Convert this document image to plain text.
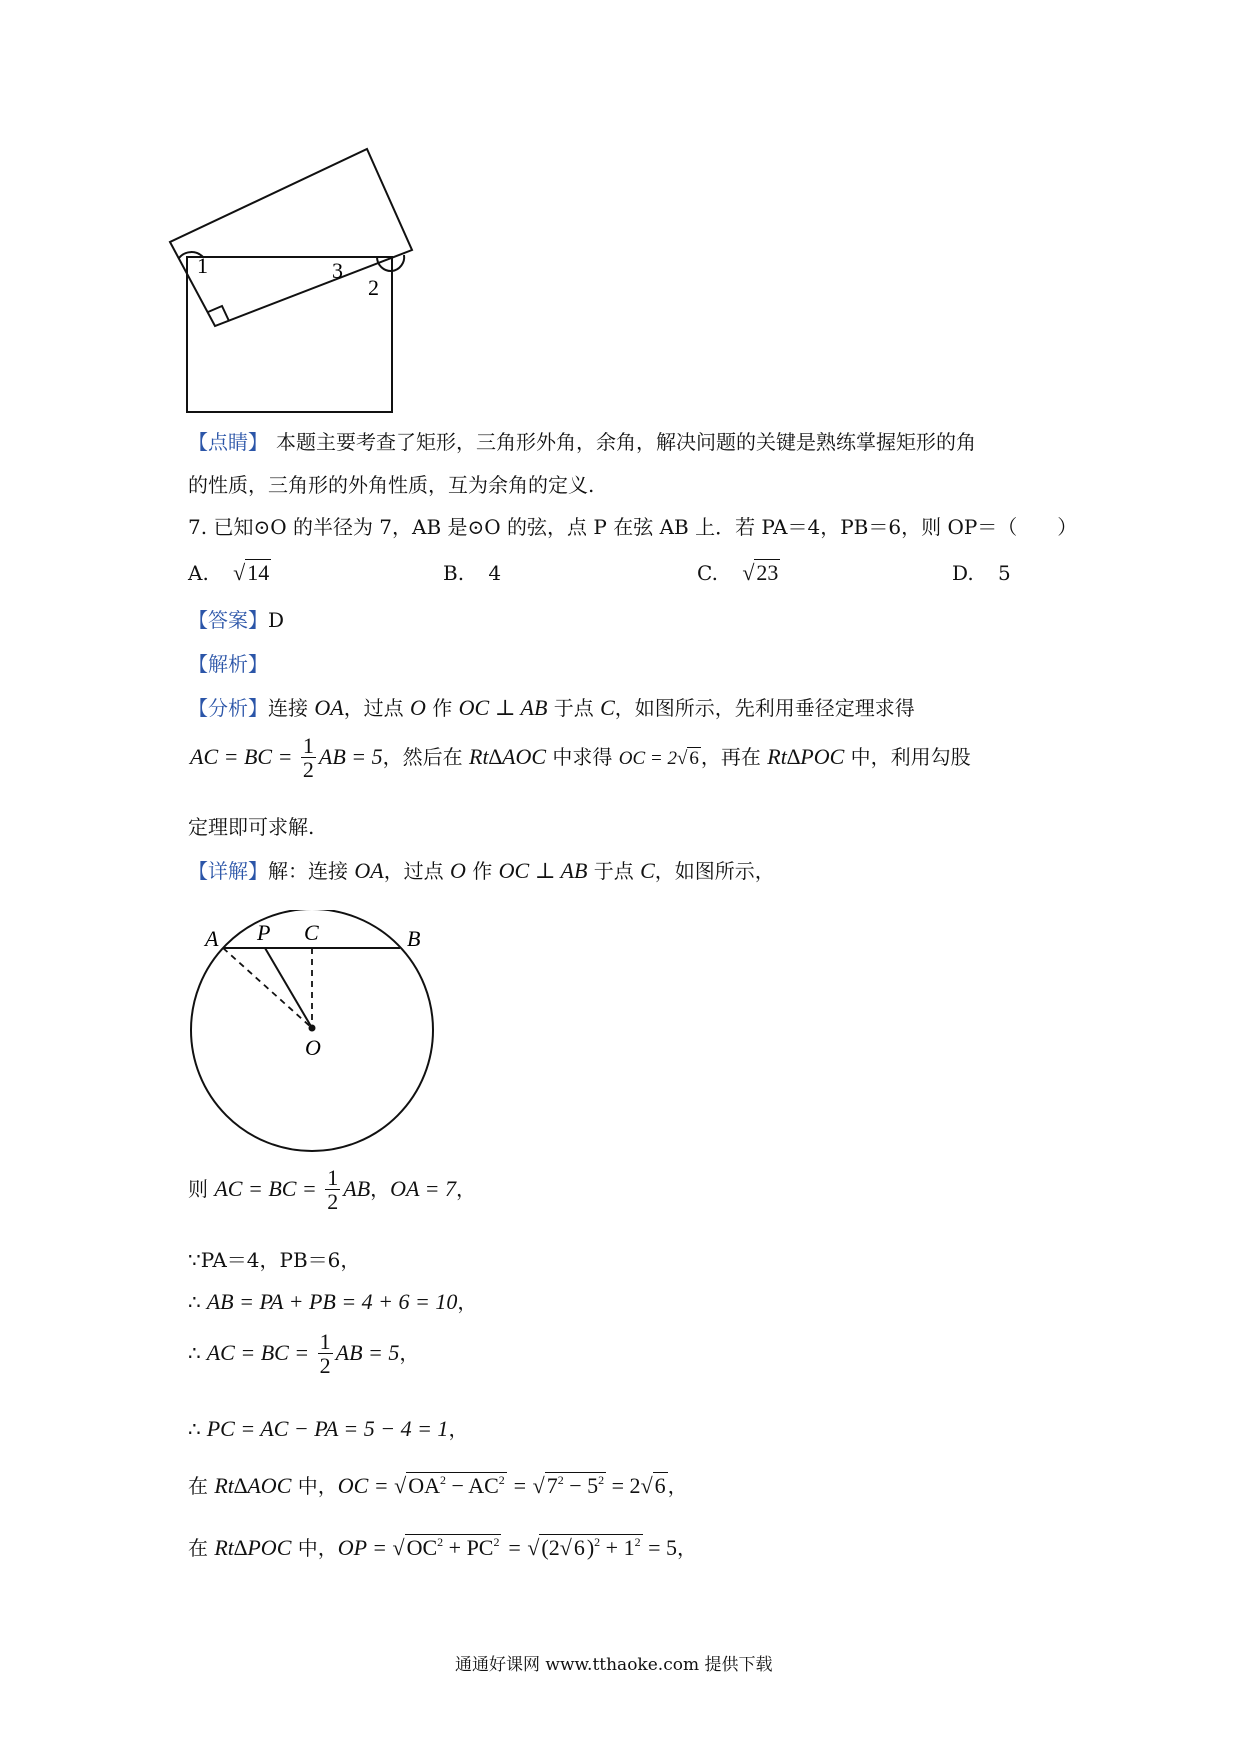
1	3
2
【点睛】 本题主要考查了矩形，三角形外角，余角，解决问题的关键是熟练掌握矩形的角
的性质，三角形的外角性质，互为余角的定义.
7. 已知⊙O 的半径为 7，AB 是⊙O 的弦，点 P 在弦 AB 上．若 PA＝4，PB＝6，则 OP＝（　　）
A. √14	B. 4	C. √23	D. 5
【答案】D
【解析】
【分析】连接 OA，过点 O 作 OC ⊥ AB 于点 C，如图所示，先利用垂径定理求得
AC = BC = $\frac{1}{2}$ AB = 5，然后在 Rt∆AOC 中求得 OC = 2√ 6 ，再在 Rt∆POC 中，利用勾股
定理即可求解.
【详解】解：连接 OA，过点 O 作 OC ⊥ AB 于点 C，如图所示，
A P C	B
O
则 AC = BC = $\frac{1}{2}$ AB，OA = 7，
∵PA＝4，PB＝6，
∴ AB = PA + PB = 4 + 6 = 10，
∴ AC = BC = $\frac{1}{2}$ AB = 5，
∴ PC = AC − PA = 5 − 4 = 1，
在 Rt∆AOC 中，OC = $√OA^2 - AC^2 = √7^2 - 5^2 = 2√6$ ，
在 Rt∆POC 中，OP = $√OC^2 + PC^2 = √(2√6)^2 + 1^2 = 5$，
通通好课网 www.tthaoke.com 提供下载
